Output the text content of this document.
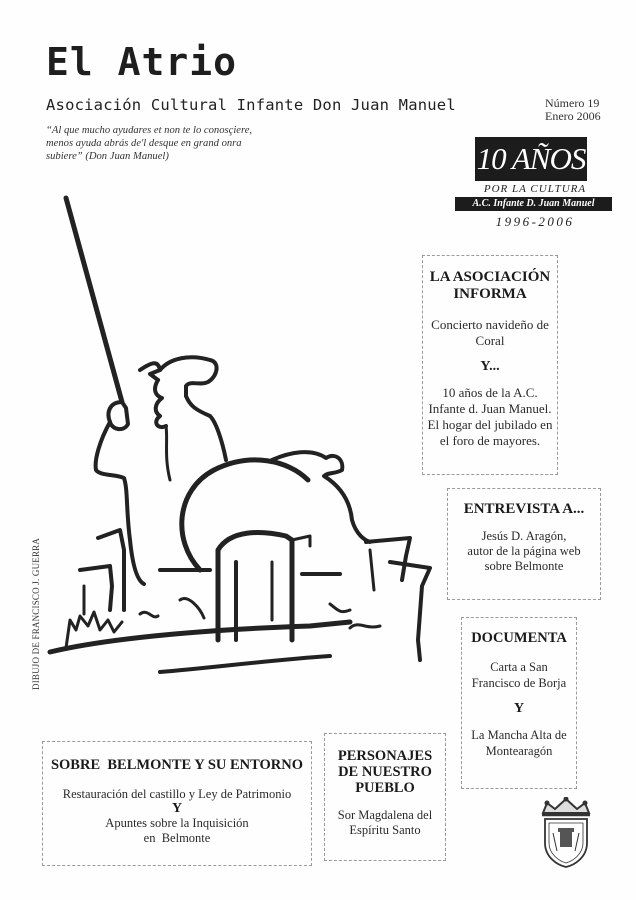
El Atrio
Asociación Cultural Infante Don Juan Manuel
“Al que mucho ayudares et non te lo conosçiere,
menos ayuda abrás de'l desque en grand onra
subiere” (Don Juan Manuel)
Número 19
Enero 2006
10 AÑOS
POR LA CULTURA
A.C. Infante D. Juan Manuel
1996-2006
DIBUJO DE FRANCISCO J. GUERRA
LA ASOCIACIÓN
INFORMA
Concierto navideño de
Coral
Y...
10 años de la A.C.
Infante d. Juan Manuel.
El hogar del jubilado en
el foro de mayores.
ENTREVISTA A...
Jesús D. Aragón,
autor de la página web
sobre Belmonte
DOCUMENTA
Carta a San
Francisco de Borja
Y
La Mancha Alta de
Montearagón
SOBRE  BELMONTE Y SU ENTORNO
Restauración del castillo y Ley de Patrimonio
Y
Apuntes sobre la Inquisición
en  Belmonte
PERSONAJES
DE NUESTRO
PUEBLO
Sor Magdalena del
Espíritu Santo
